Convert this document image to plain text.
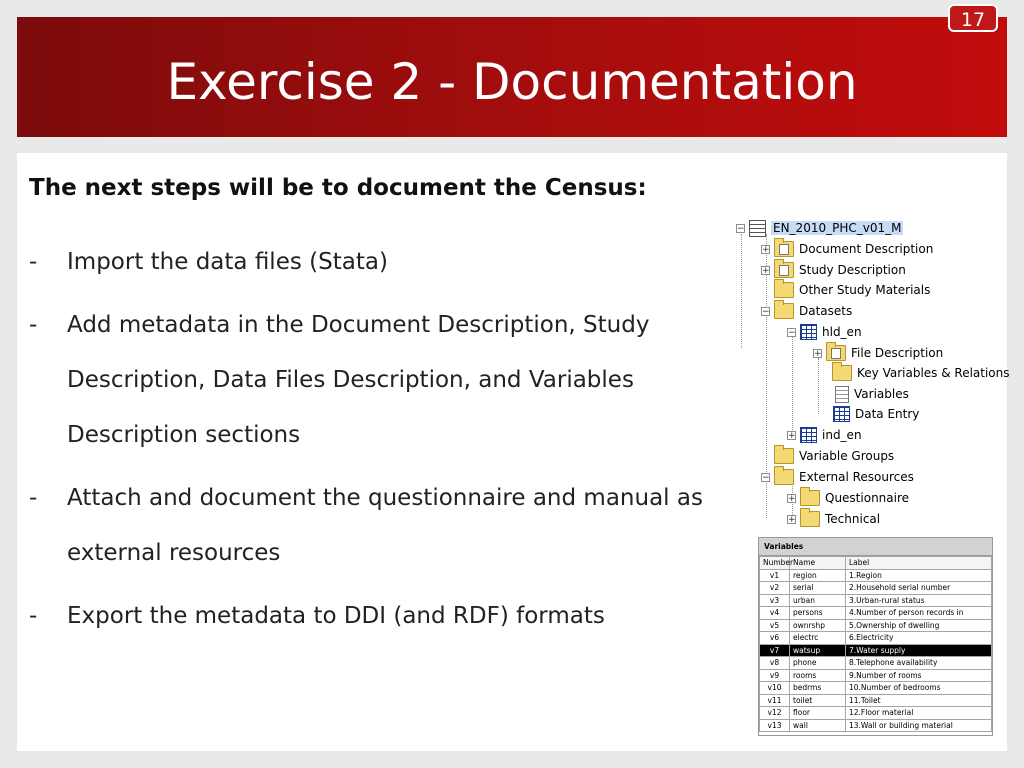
Exercise 2 - Documentation
17
The next steps will be to document the Census:
- Import the data files (Stata)
- Add metadata in the Document Description, Study Description, Data Files Description, and Variables Description sections
- Attach and document the questionnaire and manual as external resources
- Export the metadata to DDI (and RDF) formats
− EN_2010_PHC_v01_M
+ Document Description
+ Study Description
Other Study Materials
− Datasets
− hld_en
+ File Description
Key Variables & Relations
Variables
Data Entry
+ ind_en
Variable Groups
− External Resources
+ Questionnaire
+ Technical
Variables
Number	Name	Label
v1	region	1.Region
v2	serial	2.Household serial number
v3	urban	3.Urban-rural status
v4	persons	4.Number of person records in
v5	ownrshp	5.Ownership of dwelling
v6	electrc	6.Electricity
v7	watsup	7.Water supply
v8	phone	8.Telephone availability
v9	rooms	9.Number of rooms
v10	bedrms	10.Number of bedrooms
v11	toilet	11.Toilet
v12	floor	12.Floor material
v13	wall	13.Wall or building material
